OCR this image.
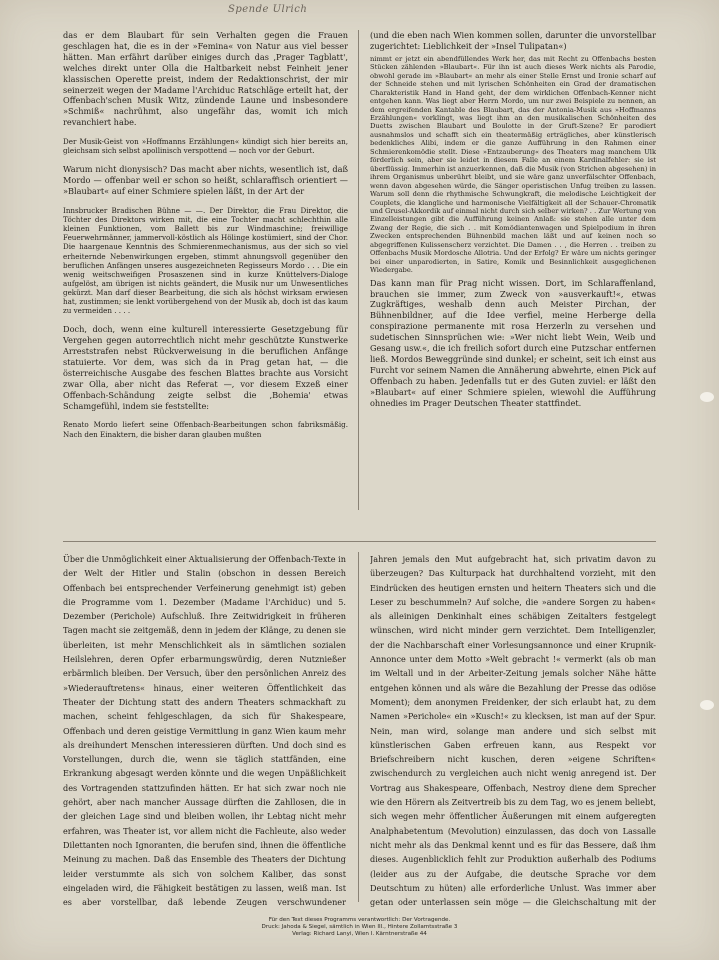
Spende Ulrich

das er dem Blaubart für sein Verhalten gegen die Frauen geschlagen hat, die es in der »Femina« von Natur aus viel besser hätten. Man erfährt darüber einiges durch das ‚Prager Tagblatt', welches direkt unter Olla die Haltbarkeit nebst Feinheit jener klassischen Operette preist, indem der Redaktionschrist, der mir seinerzeit wegen der Madame l'Archiduc Ratschläge erteilt hat, der Offenbach'schen Musik Witz, zündende Laune und insbesondere »Schmiß« nachrühmt, also ungefähr das, womit ich mich revanchiert habe.

Der Musik-Geist von »Hoffmanns Erzählungen« kündigt sich hier bereits an, gleichsam sich selbst apollinisch verspottend — noch vor der Geburt.

Warum nicht dionysisch? Das macht aber nichts, wesentlich ist, daß Mordo — offenbar weil er schon so heißt, schlaraffisch orientiert — »Blaubart« auf einer Schmiere spielen läßt, in der Art der

Innsbrucker Bradischen Bühne — —. Der Direktor, die Frau Direktor, die Töchter des Direktors wirken mit, die eine Tochter macht schlechthin alle kleinen Funktionen, vom Ballett bis zur Windmaschine; freiwillige Feuerwehrmänner, jammervoll-köstlich als Hölinge kostümiert, sind der Chor. Die haargenaue Kenntnis des Schmierenmechanismus, aus der sich so viel erheiternde Nebenwirkungen ergeben, stimmt ahnungsvoll gegenüber den beruflichen Anfängen unseres ausgezeichneten Regisseurs Mordo . . . Die ein wenig weitschweifigen Prosaszenen sind in kurze Knüttelvers-Dialoge aufgelöst, am übrigen ist nichts geändert, die Musik nur um Unwesentliches gekürzt. Man darf dieser Bearbeitung, die sich als höchst wirksam erwiesen hat, zustimmen; sie lenkt vorübergehend von der Musik ab, doch ist das kaum zu vermeiden . . . .

Doch, doch, wenn eine kulturell interessierte Gesetzgebung für Vergehen gegen autorrechtlich nicht mehr geschützte Kunstwerke Arreststrafen nebst Rückverweisung in die beruflichen Anfänge statuierte. Vor dem, was sich da in Prag getan hat, — die österreichische Ausgabe des feschen Blattes brachte aus Vorsicht zwar Olla, aber nicht das Referat —, vor diesem Exzeß einer Offenbach-Schändung zeigte selbst die ‚Bohemia' etwas Schamgefühl, indem sie feststellte:

Renato Mordo liefert seine Offenbach-Bearbeitungen schon fabriksmäßig. Nach den Einaktern, die bisher daran glauben mußten

(und die eben nach Wien kommen sollen, darunter die unvorstellbar zugerichtet: Lieblichkeit der »Insel Tulipatan«)

nimmt er jetzt ein abendfüllendes Werk her, das mit Recht zu Offenbachs besten Stücken zählenden »Blaubart«. Für ihn ist auch dieses Werk nichts als Parodie, obwohl gerade im »Blaubart« an mehr als einer Stelle Ernst und Ironie scharf auf der Schneide stehen und mit lyrischen Schönheiten ein Grad der dramatischen Charakteristik Hand in Hand geht, der dem wirklichen Offenbach-Kenner nicht entgehen kann. Was liegt aber Herrn Mordo, um nur zwei Beispiele zu nennen, an dem ergreifenden Kantable des Blaubart, das der Antonia-Musik aus »Hoffmanns Erzählungen« vorklingt, was liegt ihm an den musikalischen Schönheiten des Duetts zwischen Blaubart und Boulotte in der Gruft-Szene? Er parodiert ausnahmslos und schafft sich ein theatermäßig erträgliches, aber künstlerisch bedenkliches Alibi, indem er die ganze Aufführung in den Rahmen einer Schmierenkomödie stellt. Diese »Entzauberung« des Theaters mag manchem Ulk förderlich sein, aber sie leidet in diesem Falle an einem Kardinalfehler: sie ist überflüssig. Immerhin ist anzuerkennen, daß die Musik (von Strichen abgesehen) in ihrem Organismus unberührt bleibt, und sie wäre ganz unverfälschter Offenbach, wenn davon abgesehen würde, die Sänger operistischen Unfug treiben zu lassen. Warum soll denn die rhythmische Schwungkraft, die melodische Leichtigkeit der Couplets, die klangliche und harmonische Vielfältigkeit all der Schauer-Chromatik und Grusel-Akkordik auf einmal nicht durch sich selber wirken? . . Zur Wertung von Einzelleistungen gibt die Aufführung keinen Anlaß: sie stehen alle unter dem Zwang der Regie, die sich . . mit Komödiantenwagen und Spielpodium in ihren Zwecken entsprechenden Bühnenbild machen läßt und auf keinen noch so abgegriffenen Kulissenscherz verzichtet. Die Damen . . , die Herren . . treiben zu Offenbachs Musik Mordosche Allotria. Und der Erfolg? Er wäre um nichts geringer bei einer unparodierten, in Satire, Komik und Besinnlichkeit ausgeglichenen Wiedergabe.

Das kann man für Prag nicht wissen. Dort, im Schlaraffenland, brauchen sie immer, zum Zweck von »ausverkauft!«, etwas Zugkräftiges, weshalb denn auch Meister Pirchan, der Bühnenbildner, auf die Idee verfiel, meine Herberge della conspirazione permanente mit rosa Herzerln zu versehen und sudetischen Sinnsprüchen wie: »Wer nicht liebt Wein, Weib und Gesang usw.«, die ich freilich sofort durch eine Putzschar entfernen ließ. Mordos Beweggründe sind dunkel; er scheint, seit ich einst aus Furcht vor seinem Namen die Annäherung abwehrte, einen Pick auf Offenbach zu haben. Jedenfalls tut er des Guten zuviel: er läßt den »Blaubart« auf einer Schmiere spielen, wiewohl die Aufführung ohnedies im Prager Deutschen Theater stattfindet.

Über die Unmöglichkeit einer Aktualisierung der Offenbach-Texte in der Welt der Hitler und Stalin (obschon in dessen Bereich Offenbach bei entsprechender Verfeinerung genehmigt ist) geben die Programme vom 1. Dezember (Madame l'Archiduc) und 5. Dezember (Perichole) Aufschluß. Ihre Zeitwidrigkeit in früheren Tagen macht sie zeitgemäß, denn in jedem der Klänge, zu denen sie überleiten, ist mehr Menschlichkeit als in sämtlichen sozialen Heilslehren, deren Opfer erbarmungswürdig, deren Nutznießer erbärmlich bleiben. Der Versuch, über den persönlichen Anreiz des »Wiederauftretens« hinaus, einer weiteren Öffentlichkeit das Theater der Dichtung statt des andern Theaters schmackhaft zu machen, scheint fehlgeschlagen, da sich für Shakespeare, Offenbach und deren geistige Vermittlung in ganz Wien kaum mehr als dreihundert Menschen interessieren dürften. Und doch sind es Vorstellungen, durch die, wenn sie täglich stattfänden, eine Erkrankung abgesagt werden könnte und die wegen Unpäßlichkeit des Vortragenden stattzufinden hätten. Er hat sich zwar noch nie gehört, aber nach mancher Aussage dürften die Zahllosen, die in der gleichen Lage sind und bleiben wollen, ihr Lebtag nicht mehr erfahren, was Theater ist, vor allem nicht die Fachleute, also weder Dilettanten noch Ignoranten, die berufen sind, ihnen die öffentliche Meinung zu machen. Daß das Ensemble des Theaters der Dichtung leider verstummte als sich von solchem Kaliber, das sonst eingeladen wird, die Fähigkeit bestätigen zu lassen, weiß man. Ist es aber vorstellbar, daß lebende Zeugen verschwundener

Jahren jemals den Mut aufgebracht hat, sich privatim davon zu überzeugen? Das Kulturpack hat durchhaltend vorzieht, mit den Eindrücken des heutigen ernsten und heitern Theaters sich und die Leser zu beschummeln? Auf solche, die »andere Sorgen zu haben« als alleinigen Denkinhalt eines schäbigen Zeitalters festgelegt wünschen, wird nicht minder gern verzichtet. Dem Intelligenzler, der die Nachbarschaft einer Vorlesungsannonce und einer Krupnik-Annonce unter dem Motto »Welt gebracht !« vermerkt (als ob man im Weltall und in der Arbeiter-Zeitung jemals solcher Nähe hätte entgehen können und als wäre die Bezahlung der Presse das odiöse Moment); dem anonymen Freidenker, der sich erlaubt hat, zu dem Namen »Perichole« ein »Kusch!« zu klecksen, ist man auf der Spur. Nein, man wird, solange man andere und sich selbst mit künstlerischen Gaben erfreuen kann, aus Respekt vor Briefschreibern nicht kuschen, deren »eigene Schriften« zwischendurch zu vergleichen auch nicht wenig anregend ist. Der Vortrag aus Shakespeare, Offenbach, Nestroy diene dem Sprecher wie den Hörern als Zeitvertreib bis zu dem Tag, wo es jenem beliebt, sich wegen mehr öffentlicher Äußerungen mit einem aufgeregten Analphabetentum (Mevolution) einzulassen, das doch von Lassalle nicht mehr als das Denkmal kennt und es für das Bessere, daß ihm dieses. Augenblicklich fehlt zur Produktion außerhalb des Podiums (leider aus zu der Aufgabe, die deutsche Sprache vor dem Deutschtum zu hüten) alle erforderliche Unlust. Was immer aber getan oder unterlassen sein möge — die Gleichschaltung mit der

Für den Text dieses Programms verantwortlich: Der Vortragende.
Druck: Jahoda & Siegel, sämtlich in Wien III., Hintere Zollamtsstraße 3
Verlag: Richard Lanyi, Wien I. Kärntnerstraße 44
